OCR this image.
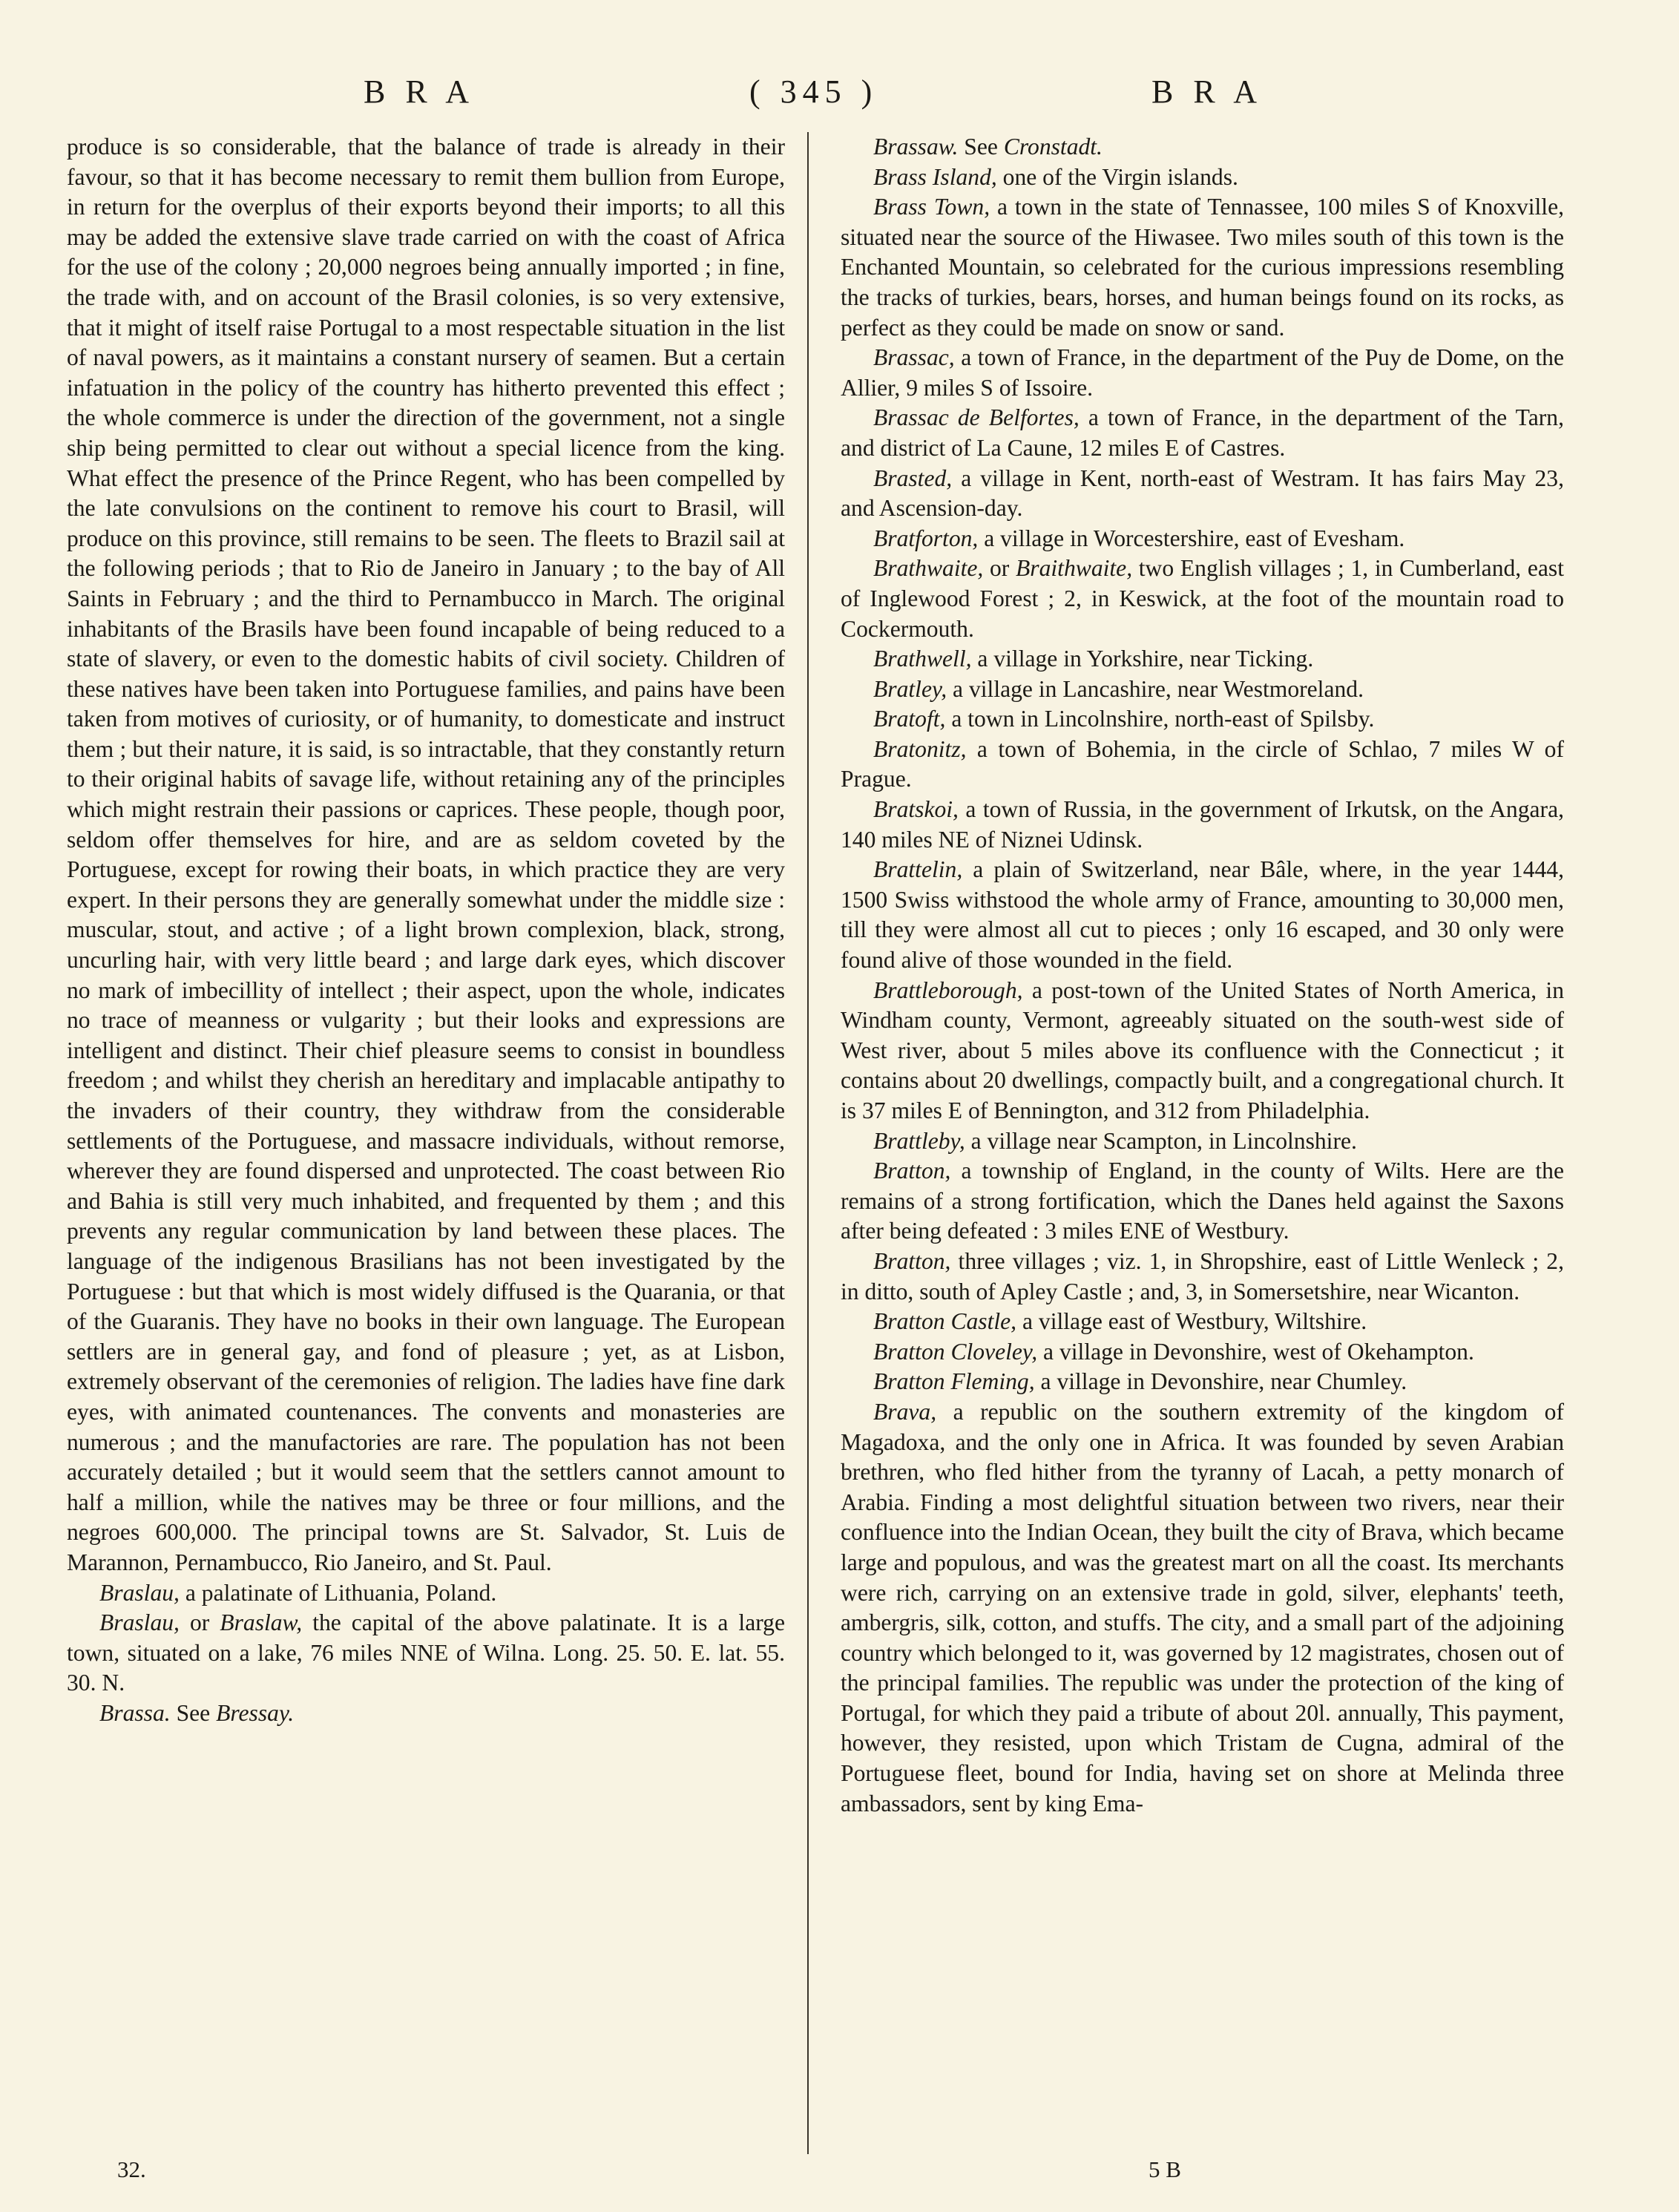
B R A	( 345 )	B R A

produce is so considerable, that the balance of trade is already in their favour, so that it has become necessary to remit them bullion from Europe, in return for the overplus of their exports beyond their imports; to all this may be added the extensive slave trade carried on with the coast of Africa for the use of the colony ; 20,000 negroes being annually imported ; in fine, the trade with, and on account of the Brasil colonies, is so very extensive, that it might of itself raise Portugal to a most respectable situation in the list of naval powers, as it maintains a constant nursery of seamen. But a certain infatuation in the policy of the country has hitherto prevented this effect ; the whole commerce is under the direction of the government, not a single ship being permitted to clear out without a special licence from the king. What effect the presence of the Prince Regent, who has been compelled by the late convulsions on the continent to remove his court to Brasil, will produce on this province, still remains to be seen. The fleets to Brazil sail at the following periods ; that to Rio de Janeiro in January ; to the bay of All Saints in February ; and the third to Pernambucco in March. The original inhabitants of the Brasils have been found incapable of being reduced to a state of slavery, or even to the domestic habits of civil society. Children of these natives have been taken into Portuguese families, and pains have been taken from motives of curiosity, or of humanity, to domesticate and instruct them ; but their nature, it is said, is so intractable, that they constantly return to their original habits of savage life, without retaining any of the principles which might restrain their passions or caprices. These people, though poor, seldom offer themselves for hire, and are as seldom coveted by the Portuguese, except for rowing their boats, in which practice they are very expert. In their persons they are generally somewhat under the middle size : muscular, stout, and active ; of a light brown complexion, black, strong, uncurling hair, with very little beard ; and large dark eyes, which discover no mark of imbecillity of intellect ; their aspect, upon the whole, indicates no trace of meanness or vulgarity ; but their looks and expressions are intelligent and distinct. Their chief pleasure seems to consist in boundless freedom ; and whilst they cherish an hereditary and implacable antipathy to the invaders of their country, they withdraw from the considerable settlements of the Portuguese, and massacre individuals, without remorse, wherever they are found dispersed and unprotected. The coast between Rio and Bahia is still very much inhabited, and frequented by them ; and this prevents any regular communication by land between these places. The language of the indigenous Brasilians has not been investigated by the Portuguese : but that which is most widely diffused is the Quarania, or that of the Guaranis. They have no books in their own language. The European settlers are in general gay, and fond of pleasure ; yet, as at Lisbon, extremely observant of the ceremonies of religion. The ladies have fine dark eyes, with animated countenances. The convents and monasteries are numerous ; and the manufactories are rare. The population has not been accurately detailed ; but it would seem that the settlers cannot amount to half a million, while the natives may be three or four millions, and the negroes 600,000. The principal towns are St. Salvador, St. Luis de Marannon, Pernambucco, Rio Janeiro, and St. Paul.

Braslau, a palatinate of Lithuania, Poland.

Braslau, or Braslaw, the capital of the above palatinate. It is a large town, situated on a lake, 76 miles NNE of Wilna. Long. 25. 50. E. lat. 55. 30. N.

Brassa. See Bressay.

Brassaw. See Cronstadt.

Brass Island, one of the Virgin islands.

Brass Town, a town in the state of Tennassee, 100 miles S of Knoxville, situated near the source of the Hiwasee. Two miles south of this town is the Enchanted Mountain, so celebrated for the curious impressions resembling the tracks of turkies, bears, horses, and human beings found on its rocks, as perfect as they could be made on snow or sand.

Brassac, a town of France, in the department of the Puy de Dome, on the Allier, 9 miles S of Issoire.

Brassac de Belfortes, a town of France, in the department of the Tarn, and district of La Caune, 12 miles E of Castres.

Brasted, a village in Kent, north-east of Westram. It has fairs May 23, and Ascension-day.

Bratforton, a village in Worcestershire, east of Evesham.

Brathwaite, or Braithwaite, two English villages ; 1, in Cumberland, east of Inglewood Forest ; 2, in Keswick, at the foot of the mountain road to Cockermouth.

Brathwell, a village in Yorkshire, near Ticking.

Bratley, a village in Lancashire, near Westmoreland.

Bratoft, a town in Lincolnshire, north-east of Spilsby.

Bratonitz, a town of Bohemia, in the circle of Schlao, 7 miles W of Prague.

Bratskoi, a town of Russia, in the government of Irkutsk, on the Angara, 140 miles NE of Niznei Udinsk.

Brattelin, a plain of Switzerland, near Bâle, where, in the year 1444, 1500 Swiss withstood the whole army of France, amounting to 30,000 men, till they were almost all cut to pieces ; only 16 escaped, and 30 only were found alive of those wounded in the field.

Brattleborough, a post-town of the United States of North America, in Windham county, Vermont, agreeably situated on the south-west side of West river, about 5 miles above its confluence with the Connecticut ; it contains about 20 dwellings, compactly built, and a congregational church. It is 37 miles E of Bennington, and 312 from Philadelphia.

Brattleby, a village near Scampton, in Lincolnshire.

Bratton, a township of England, in the county of Wilts. Here are the remains of a strong fortification, which the Danes held against the Saxons after being defeated : 3 miles ENE of Westbury.

Bratton, three villages ; viz. 1, in Shropshire, east of Little Wenleck ; 2, in ditto, south of Apley Castle ; and, 3, in Somersetshire, near Wicanton.

Bratton Castle, a village east of Westbury, Wiltshire.

Bratton Cloveley, a village in Devonshire, west of Okehampton.

Bratton Fleming, a village in Devonshire, near Chumley.

Brava, a republic on the southern extremity of the kingdom of Magadoxa, and the only one in Africa. It was founded by seven Arabian brethren, who fled hither from the tyranny of Lacah, a petty monarch of Arabia. Finding a most delightful situation between two rivers, near their confluence into the Indian Ocean, they built the city of Brava, which became large and populous, and was the greatest mart on all the coast. Its merchants were rich, carrying on an extensive trade in gold, silver, elephants' teeth, ambergris, silk, cotton, and stuffs. The city, and a small part of the adjoining country which belonged to it, was governed by 12 magistrates, chosen out of the principal families. The republic was under the protection of the king of Portugal, for which they paid a tribute of about 20l. annually, This payment, however, they resisted, upon which Tristam de Cugna, admiral of the Portuguese fleet, bound for India, having set on shore at Melinda three ambassadors, sent by king Ema-

32.	5 B
